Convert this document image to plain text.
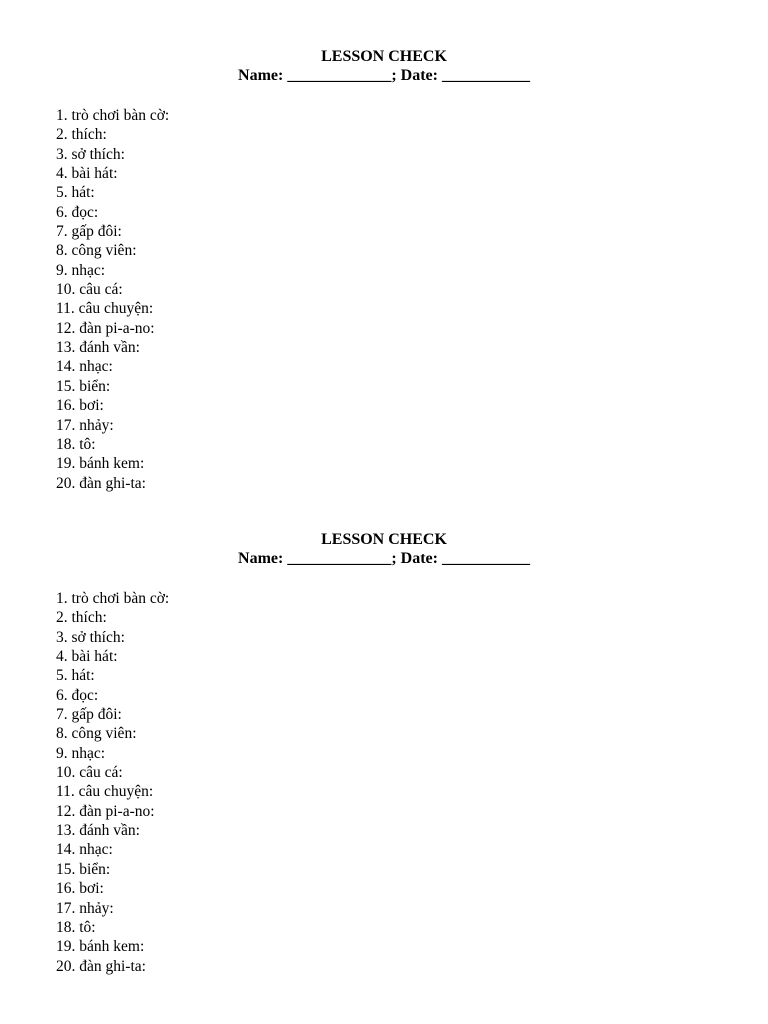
LESSON CHECK
Name: _____________; Date: ___________
1. trò chơi bàn cờ:
2. thích:
3. sở thích:
4. bài hát:
5. hát:
6. đọc:
7. gấp đôi:
8. công viên:
9. nhạc:
10. câu cá:
11. câu chuyện:
12. đàn pi-a-no:
13. đánh vần:
14. nhạc:
15. biển:
16. bơi:
17. nhảy:
18. tô:
19. bánh kem:
20. đàn ghi-ta:
LESSON CHECK
Name: _____________; Date: ___________
1. trò chơi bàn cờ:
2. thích:
3. sở thích:
4. bài hát:
5. hát:
6. đọc:
7. gấp đôi:
8. công viên:
9. nhạc:
10. câu cá:
11. câu chuyện:
12. đàn pi-a-no:
13. đánh vần:
14. nhạc:
15. biển:
16. bơi:
17. nhảy:
18. tô:
19. bánh kem:
20. đàn ghi-ta:
